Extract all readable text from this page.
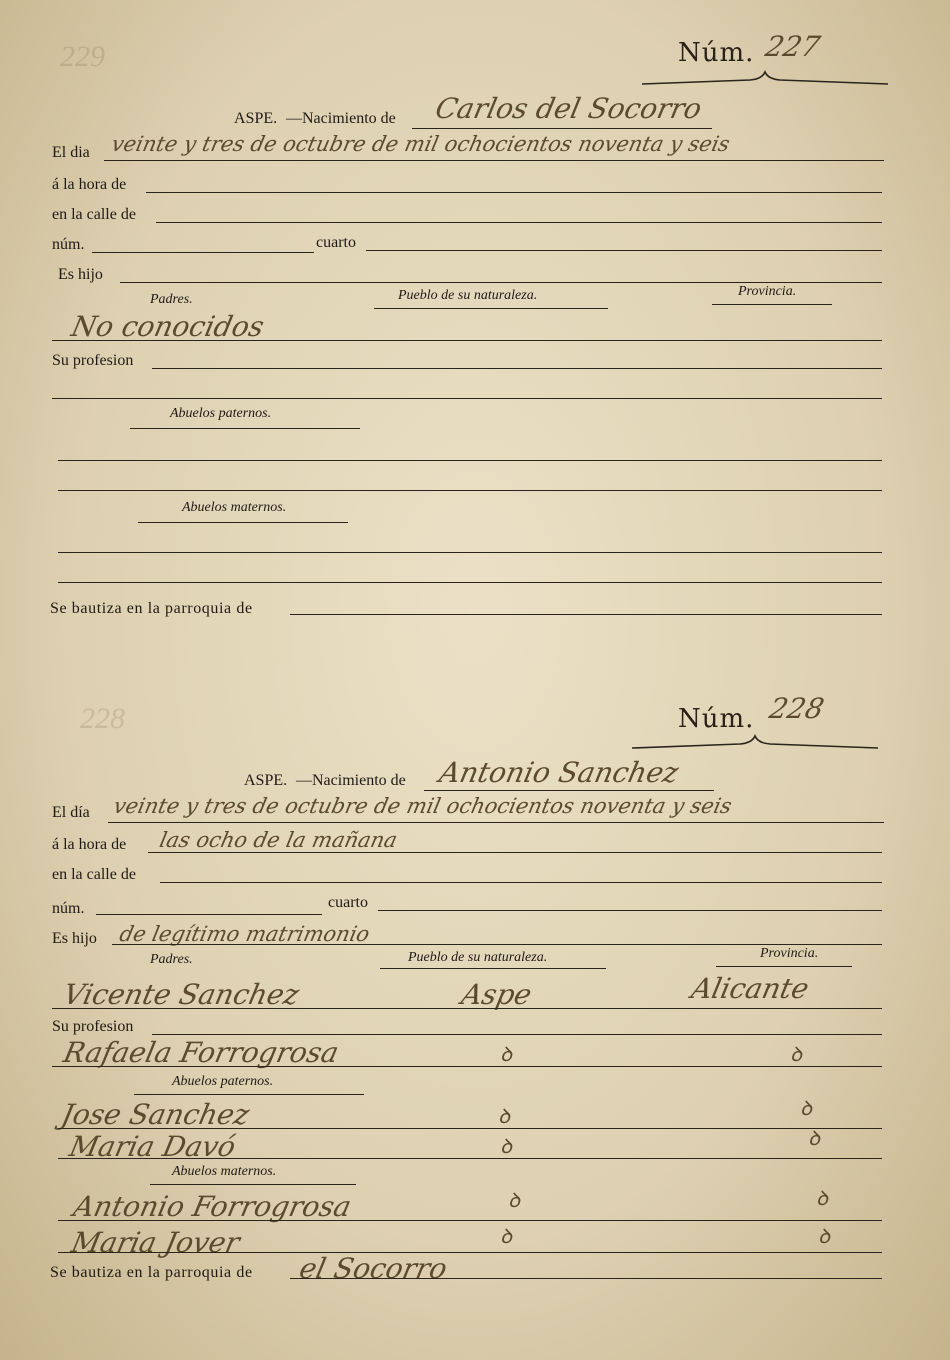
229	Núm. 227
ASPE. —Nacimiento de Carlos del Socorro
El dia veinte y tres de octubre de mil ochocientos noventa y seis
á la hora de
en la calle de
núm.	cuarto
Es hijo
Padres.	Pueblo de su naturaleza.	Provincia.
No conocidos
Su profesion
Abuelos paternos.
Abuelos maternos.
Se bautiza en la parroquia de
228	Núm. 228
ASPE. —Nacimiento de Antonio Sanchez
El día veinte y tres de octubre de mil ochocientos noventa y seis
á la hora de las ocho de la mañana
en la calle de
núm.	cuarto
Es hijo de legítimo matrimonio
Padres.	Pueblo de su naturaleza.	Provincia.
Vicente Sanchez	Aspe	Alicante
Su profesion
Rafaela Forrogrosa	ꝺ	ꝺ
Abuelos paternos.
Jose Sanchez	ꝺ	ꝺ
Maria Davó	ꝺ	ꝺ
Abuelos maternos.
Antonio Forrogrosa	ꝺ	ꝺ
Maria Jover	ꝺ	ꝺ
Se bautiza en la parroquia de el Socorro
